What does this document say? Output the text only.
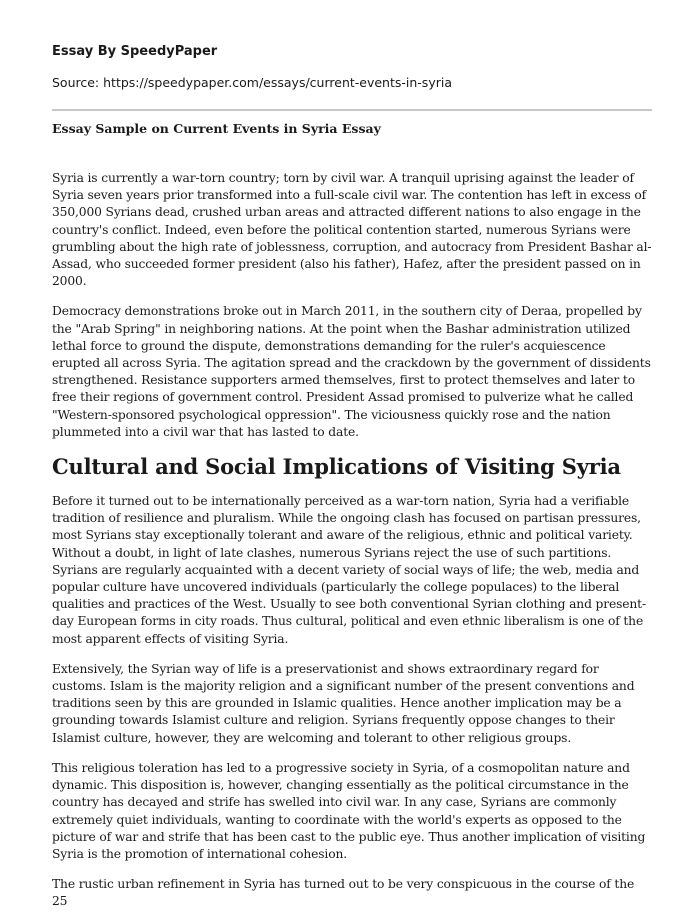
Essay By SpeedyPaper
Source: https://speedypaper.com/essays/current-events-in-syria
Essay Sample on Current Events in Syria Essay

Syria is currently a war-torn country; torn by civil war. A tranquil uprising against the leader of Syria seven years prior transformed into a full-scale civil war. The contention has left in excess of 350,000 Syrians dead, crushed urban areas and attracted different nations to also engage in the country's conflict. Indeed, even before the political contention started, numerous Syrians were grumbling about the high rate of joblessness, corruption, and autocracy from President Bashar al-Assad, who succeeded former president (also his father), Hafez, after the president passed on in 2000.

Democracy demonstrations broke out in March 2011, in the southern city of Deraa, propelled by the "Arab Spring" in neighboring nations. At the point when the Bashar administration utilized lethal force to ground the dispute, demonstrations demanding for the ruler's acquiescence erupted all across Syria. The agitation spread and the crackdown by the government of dissidents strengthened. Resistance supporters armed themselves, first to protect themselves and later to free their regions of government control. President Assad promised to pulverize what he called "Western-sponsored psychological oppression". The viciousness quickly rose and the nation plummeted into a civil war that has lasted to date.

Cultural and Social Implications of Visiting Syria

Before it turned out to be internationally perceived as a war-torn nation, Syria had a verifiable tradition of resilience and pluralism. While the ongoing clash has focused on partisan pressures, most Syrians stay exceptionally tolerant and aware of the religious, ethnic and political variety. Without a doubt, in light of late clashes, numerous Syrians reject the use of such partitions. Syrians are regularly acquainted with a decent variety of social ways of life; the web, media and popular culture have uncovered individuals (particularly the college populaces) to the liberal qualities and practices of the West. Usually to see both conventional Syrian clothing and present-day European forms in city roads. Thus cultural, political and even ethnic liberalism is one of the most apparent effects of visiting Syria.

Extensively, the Syrian way of life is a preservationist and shows extraordinary regard for customs. Islam is the majority religion and a significant number of the present conventions and traditions seen by this are grounded in Islamic qualities. Hence another implication may be a grounding towards Islamist culture and religion. Syrians frequently oppose changes to their Islamist culture, however, they are welcoming and tolerant to other religious groups.

This religious toleration has led to a progressive society in Syria, of a cosmopolitan nature and dynamic. This disposition is, however, changing essentially as the political circumstance in the country has decayed and strife has swelled into civil war. In any case, Syrians are commonly extremely quiet individuals, wanting to coordinate with the world's experts as opposed to the picture of war and strife that has been cast to the public eye. Thus another implication of visiting Syria is the promotion of international cohesion.

The rustic urban refinement in Syria has turned out to be very conspicuous in the course of the 25
